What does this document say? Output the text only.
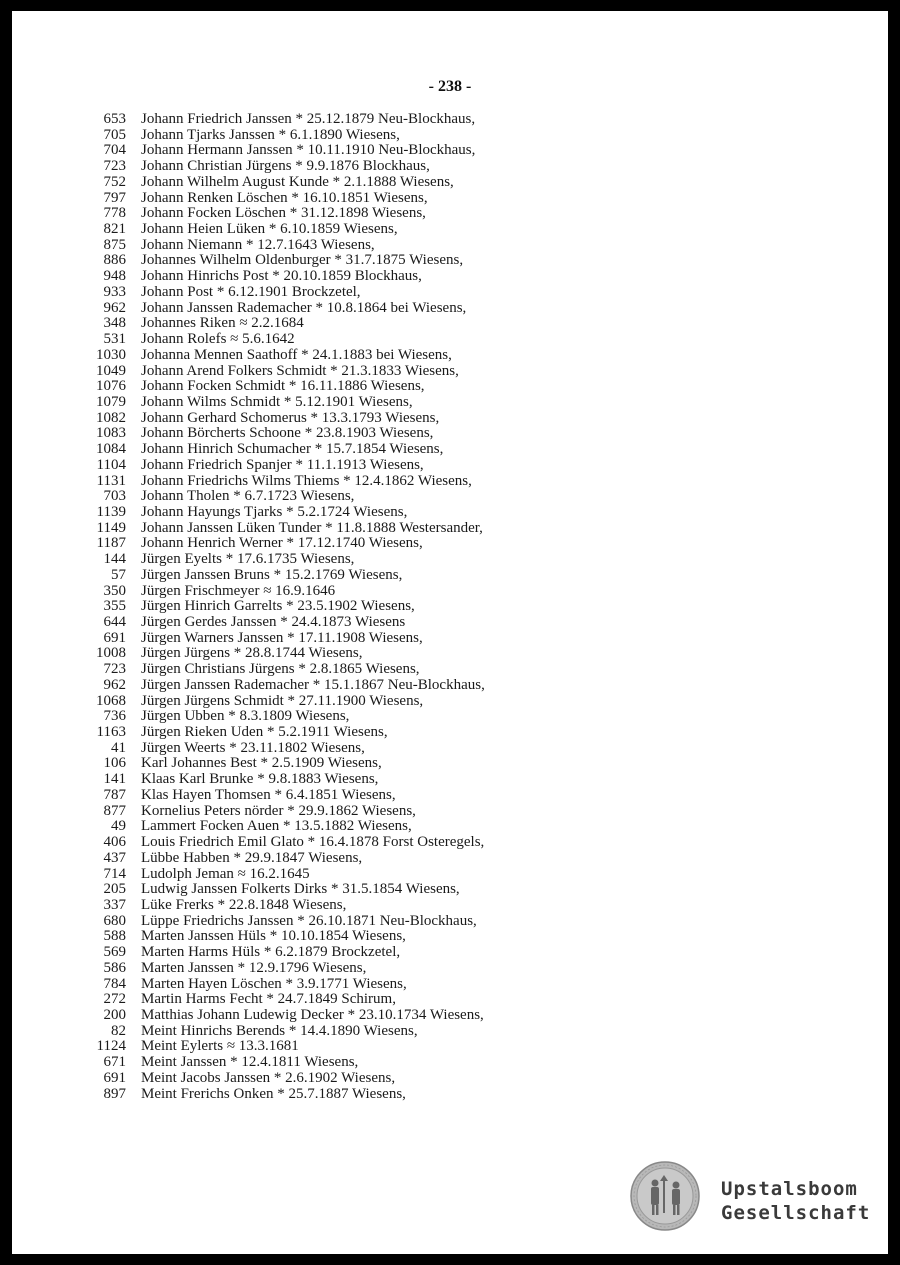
- 238 -
653 Johann Friedrich Janssen * 25.12.1879 Neu-Blockhaus,
705 Johann Tjarks Janssen * 6.1.1890 Wiesens,
704 Johann Hermann Janssen * 10.11.1910 Neu-Blockhaus,
723 Johann Christian Jürgens * 9.9.1876 Blockhaus,
752 Johann Wilhelm August Kunde * 2.1.1888 Wiesens,
797 Johann Renken Löschen * 16.10.1851 Wiesens,
778 Johann Focken Löschen * 31.12.1898 Wiesens,
821 Johann Heien Lüken * 6.10.1859 Wiesens,
875 Johann Niemann * 12.7.1643 Wiesens,
886 Johannes Wilhelm Oldenburger * 31.7.1875 Wiesens,
948 Johann Hinrichs Post * 20.10.1859 Blockhaus,
933 Johann Post * 6.12.1901 Brockzetel,
962 Johann Janssen Rademacher * 10.8.1864 bei Wiesens,
348 Johannes Riken ≈ 2.2.1684
531 Johann Rolefs ≈ 5.6.1642
1030 Johanna Mennen Saathoff * 24.1.1883 bei Wiesens,
1049 Johann Arend Folkers Schmidt * 21.3.1833 Wiesens,
1076 Johann Focken Schmidt * 16.11.1886 Wiesens,
1079 Johann Wilms Schmidt * 5.12.1901 Wiesens,
1082 Johann Gerhard Schomerus * 13.3.1793 Wiesens,
1083 Johann Börcherts Schoone * 23.8.1903 Wiesens,
1084 Johann Hinrich Schumacher * 15.7.1854 Wiesens,
1104 Johann Friedrich Spanjer * 11.1.1913 Wiesens,
1131 Johann Friedrichs Wilms Thiems * 12.4.1862 Wiesens,
703 Johann Tholen * 6.7.1723 Wiesens,
1139 Johann Hayungs Tjarks * 5.2.1724 Wiesens,
1149 Johann Janssen Lüken Tunder * 11.8.1888 Westersander,
1187 Johann Henrich Werner * 17.12.1740 Wiesens,
144 Jürgen Eyelts * 17.6.1735 Wiesens,
57 Jürgen Janssen Bruns * 15.2.1769 Wiesens,
350 Jürgen Frischmeyer ≈ 16.9.1646
355 Jürgen Hinrich Garrelts * 23.5.1902 Wiesens,
644 Jürgen Gerdes Janssen * 24.4.1873 Wiesens
691 Jürgen Warners Janssen * 17.11.1908 Wiesens,
1008 Jürgen Jürgens * 28.8.1744 Wiesens,
723 Jürgen Christians Jürgens * 2.8.1865 Wiesens,
962 Jürgen Janssen Rademacher * 15.1.1867 Neu-Blockhaus,
1068 Jürgen Jürgens Schmidt * 27.11.1900 Wiesens,
736 Jürgen Ubben * 8.3.1809 Wiesens,
1163 Jürgen Rieken Uden * 5.2.1911 Wiesens,
41 Jürgen Weerts * 23.11.1802 Wiesens,
106 Karl Johannes Best * 2.5.1909 Wiesens,
141 Klaas Karl Brunke * 9.8.1883 Wiesens,
787 Klas Hayen Thomsen * 6.4.1851 Wiesens,
877 Kornelius Peters nörder * 29.9.1862 Wiesens,
49 Lammert Focken Auen * 13.5.1882 Wiesens,
406 Louis Friedrich Emil Glato * 16.4.1878 Forst Osteregels,
437 Lübbe Habben * 29.9.1847 Wiesens,
714 Ludolph Jeman ≈ 16.2.1645
205 Ludwig Janssen Folkerts Dirks * 31.5.1854 Wiesens,
337 Lüke Frerks * 22.8.1848 Wiesens,
680 Lüppe Friedrichs Janssen * 26.10.1871 Neu-Blockhaus,
588 Marten Janssen Hüls * 10.10.1854 Wiesens,
569 Marten Harms Hüls * 6.2.1879 Brockzetel,
586 Marten Janssen * 12.9.1796 Wiesens,
784 Marten Hayen Löschen * 3.9.1771 Wiesens,
272 Martin Harms Fecht * 24.7.1849 Schirum,
200 Matthias Johann Ludewig Decker * 23.10.1734 Wiesens,
82 Meint Hinrichs Berends * 14.4.1890 Wiesens,
1124 Meint Eylerts ≈ 13.3.1681
671 Meint Janssen * 12.4.1811 Wiesens,
691 Meint Jacobs Janssen * 2.6.1902 Wiesens,
897 Meint Frerichs Onken * 25.7.1887 Wiesens,
Upstalsboom
Gesellschaft
